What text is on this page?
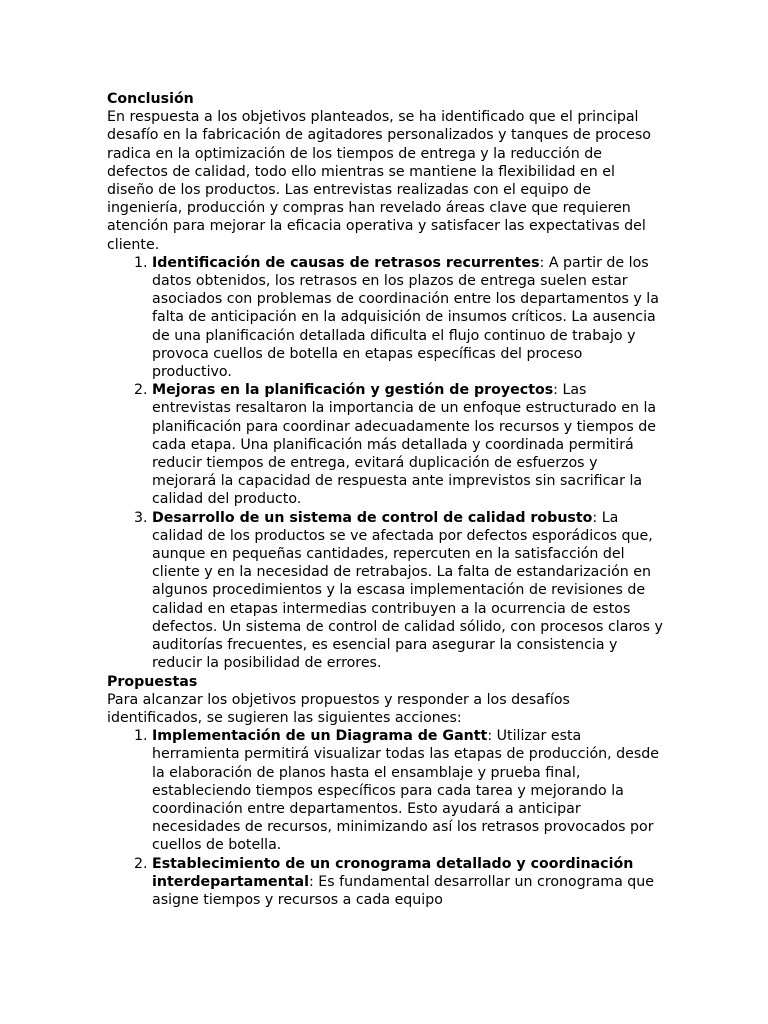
Conclusión

En respuesta a los objetivos planteados, se ha identificado que el principal desafío en la fabricación de agitadores personalizados y tanques de proceso radica en la optimización de los tiempos de entrega y la reducción de defectos de calidad, todo ello mientras se mantiene la flexibilidad en el diseño de los productos. Las entrevistas realizadas con el equipo de ingeniería, producción y compras han revelado áreas clave que requieren atención para mejorar la eficacia operativa y satisfacer las expectativas del cliente.

1. Identificación de causas de retrasos recurrentes: A partir de los datos obtenidos, los retrasos en los plazos de entrega suelen estar asociados con problemas de coordinación entre los departamentos y la falta de anticipación en la adquisición de insumos críticos. La ausencia de una planificación detallada dificulta el flujo continuo de trabajo y provoca cuellos de botella en etapas específicas del proceso productivo.
2. Mejoras en la planificación y gestión de proyectos: Las entrevistas resaltaron la importancia de un enfoque estructurado en la planificación para coordinar adecuadamente los recursos y tiempos de cada etapa. Una planificación más detallada y coordinada permitirá reducir tiempos de entrega, evitará duplicación de esfuerzos y mejorará la capacidad de respuesta ante imprevistos sin sacrificar la calidad del producto.
3. Desarrollo de un sistema de control de calidad robusto: La calidad de los productos se ve afectada por defectos esporádicos que, aunque en pequeñas cantidades, repercuten en la satisfacción del cliente y en la necesidad de retrabajos. La falta de estandarización en algunos procedimientos y la escasa implementación de revisiones de calidad en etapas intermedias contribuyen a la ocurrencia de estos defectos. Un sistema de control de calidad sólido, con procesos claros y auditorías frecuentes, es esencial para asegurar la consistencia y reducir la posibilidad de errores.
Propuestas

Para alcanzar los objetivos propuestos y responder a los desafíos identificados, se sugieren las siguientes acciones:

1. Implementación de un Diagrama de Gantt: Utilizar esta herramienta permitirá visualizar todas las etapas de producción, desde la elaboración de planos hasta el ensamblaje y prueba final, estableciendo tiempos específicos para cada tarea y mejorando la coordinación entre departamentos. Esto ayudará a anticipar necesidades de recursos, minimizando así los retrasos provocados por cuellos de botella.
2. Establecimiento de un cronograma detallado y coordinación interdepartamental: Es fundamental desarrollar un cronograma que asigne tiempos y recursos a cada equipo
